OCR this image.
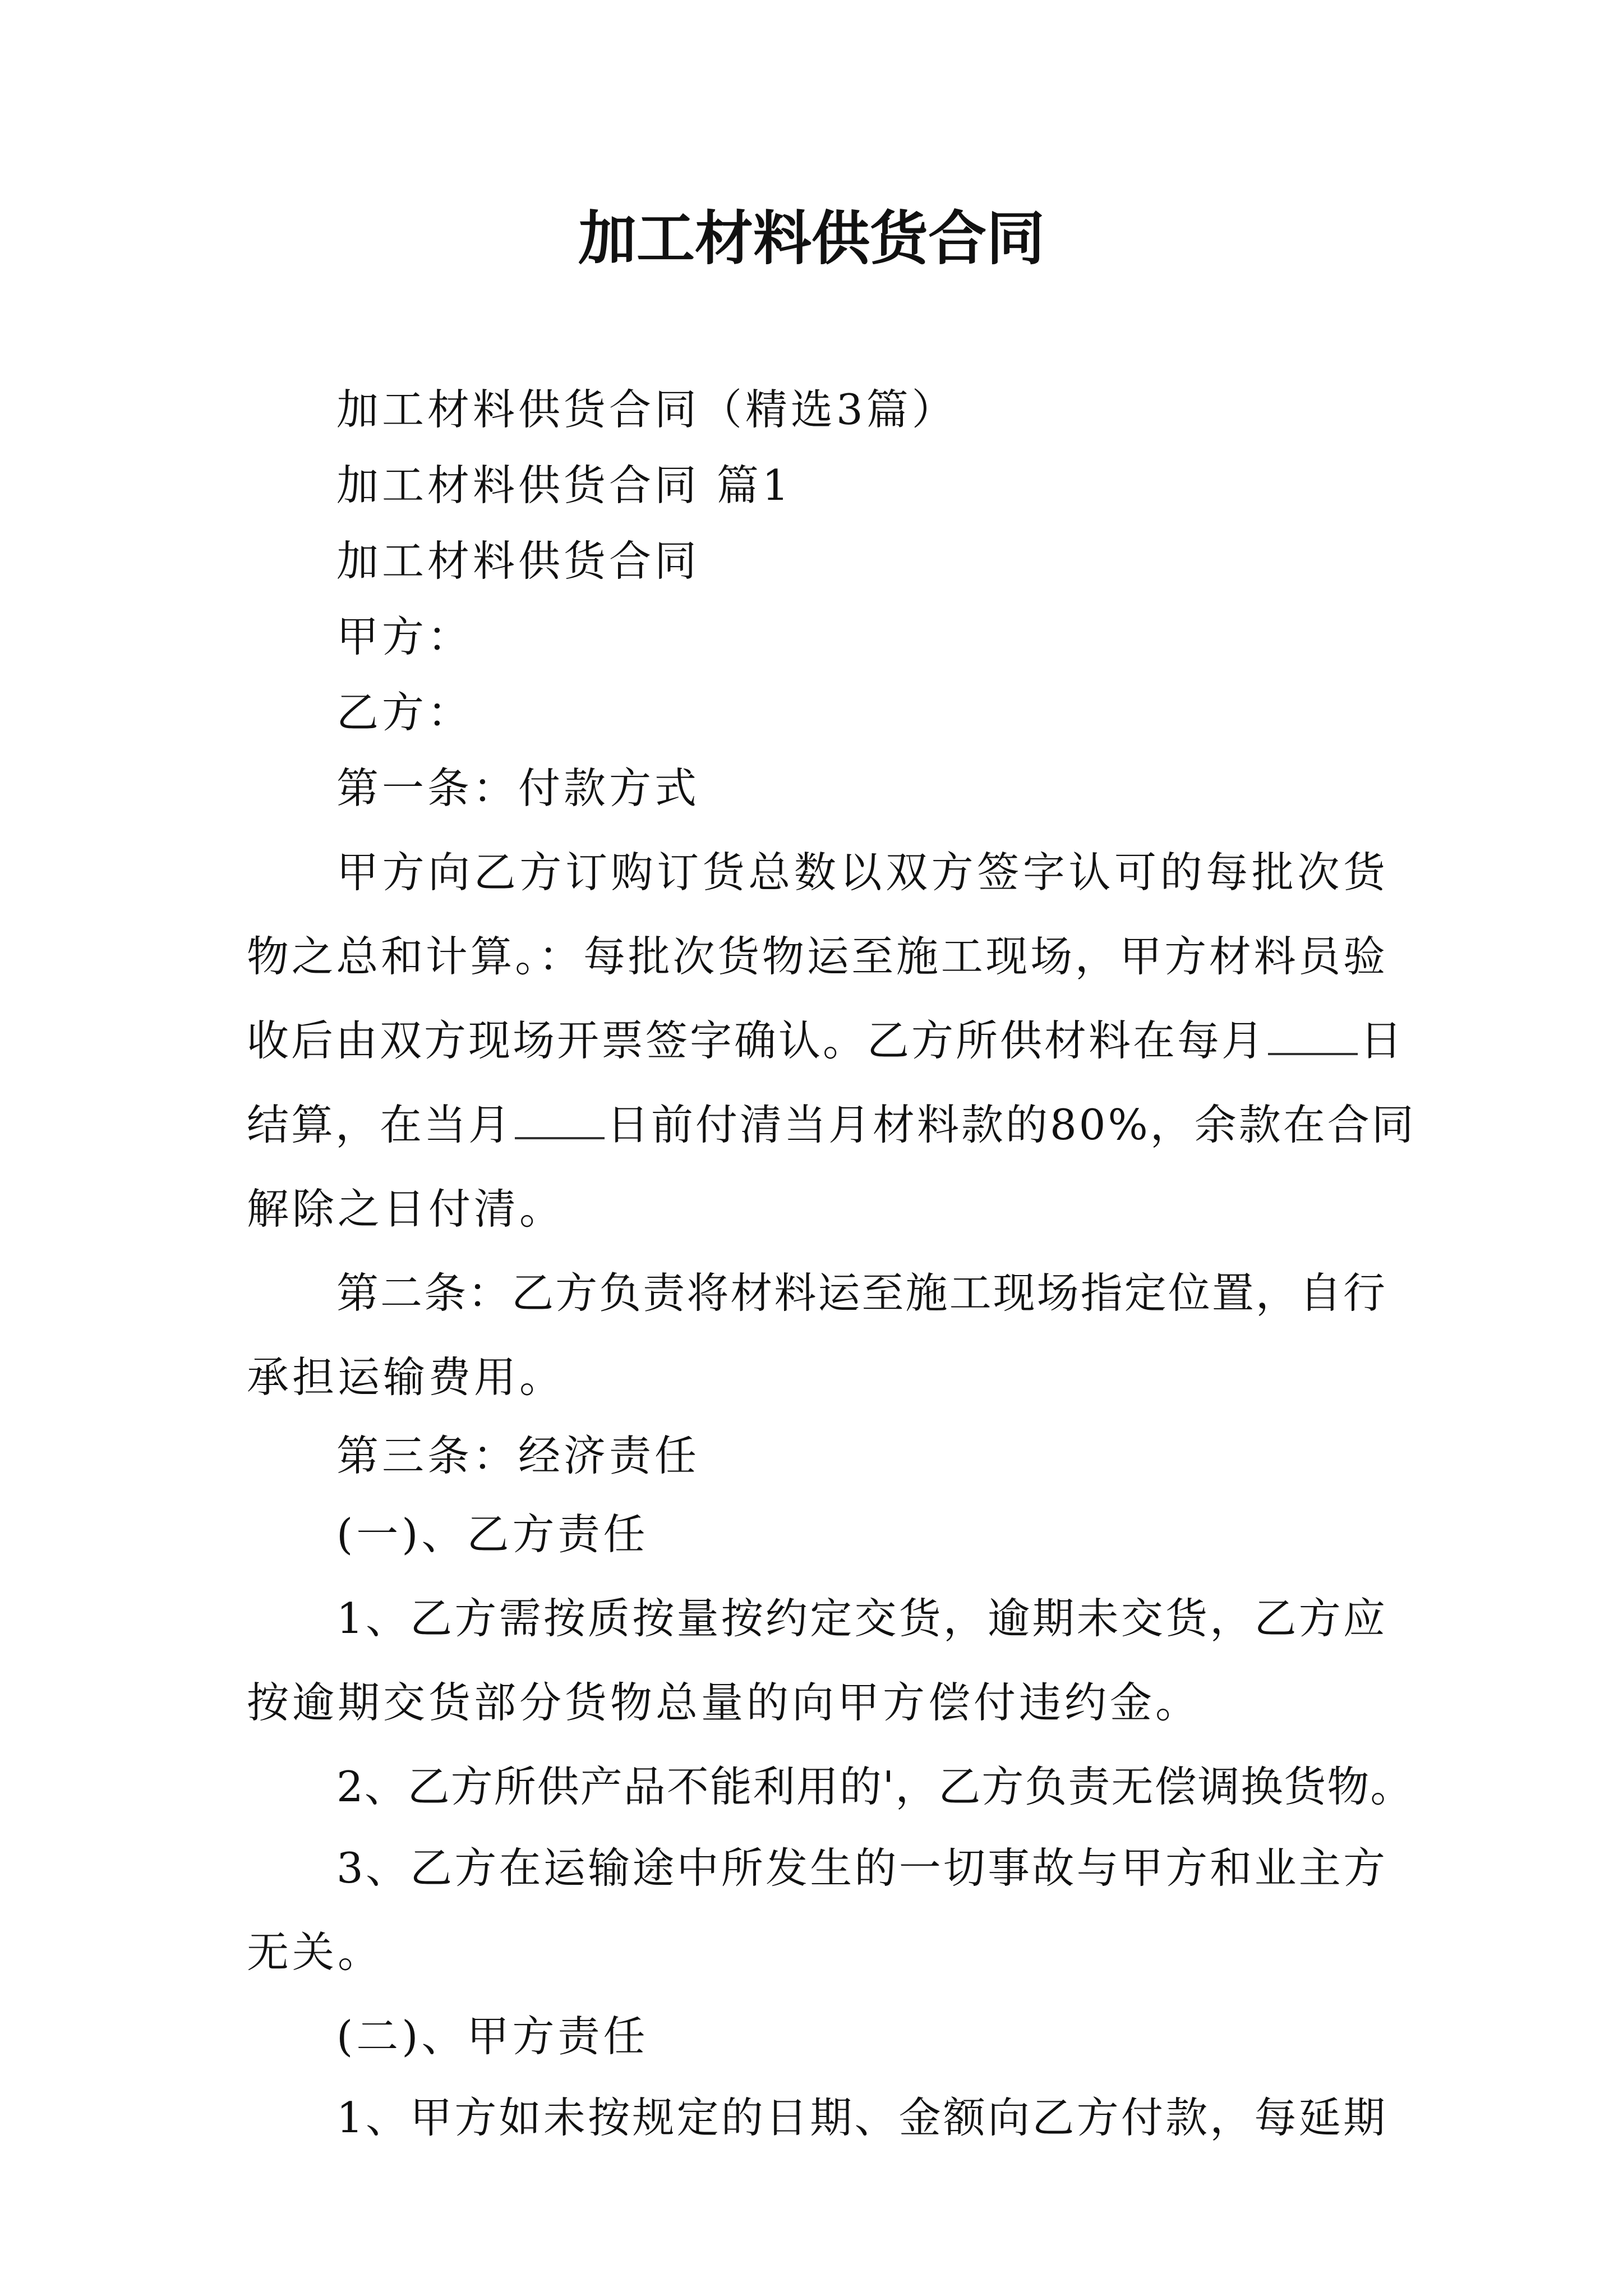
加工材料供货合同

加工材料供货合同（精选3篇）

加工材料供货合同 篇1

加工材料供货合同

甲方：

乙方：

第一条：付款方式

甲方向乙方订购订货总数以双方签字认可的每批次货

物之总和计算。：每批次货物运至施工现场，甲方材料员验

收后由双方现场开票签字确认。乙方所供材料在每月 日

结算，在当月 日前付清当月材料款的80%，余款在合同

解除之日付清。

第二条：乙方负责将材料运至施工现场指定位置，自行

承担运输费用。

第三条：经济责任

(一)、乙方责任

1、乙方需按质按量按约定交货，逾期未交货，乙方应

按逾期交货部分货物总量的向甲方偿付违约金。

2、乙方所供产品不能利用的'，乙方负责无偿调换货物。

3、乙方在运输途中所发生的一切事故与甲方和业主方

无关。

(二)、甲方责任

1、甲方如未按规定的日期、金额向乙方付款，每延期
